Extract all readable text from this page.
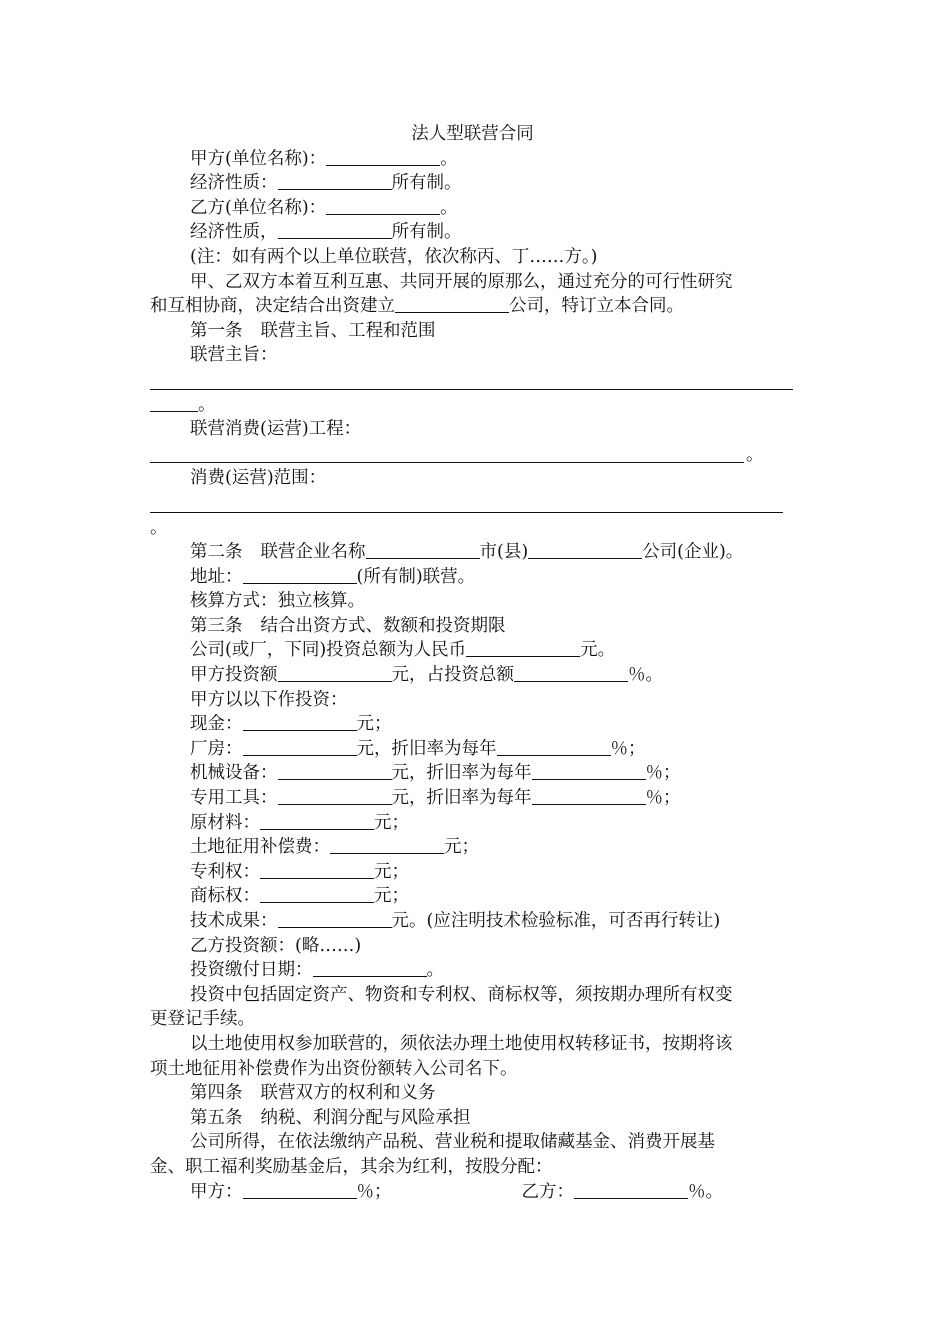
法人型联营合同
甲方(单位名称)：	。
经济性质：	所有制。
乙方(单位名称)：	。
经济性质，	所有制。
(注：如有两个以上单位联营，依次称丙、丁……方。)
甲、乙双方本着互利互惠、共同开展的原那么，通过充分的可行性研究
和互相协商，决定结合出资建立	公司，特订立本合同。
第一条 联营主旨、工程和范围
联营主旨：
。
联营消费(运营)工程：
。
消费(运营)范围：
。
第二条 联营企业名称	市(县)	公司(企业)。
地址：	(所有制)联营。
核算方式：独立核算。
第三条 结合出资方式、数额和投资期限
公司(或厂，下同)投资总额为人民币	元。
甲方投资额	元，占投资总额	％。
甲方以以下作投资：
现金：	元；
厂房：	元，折旧率为每年	％；
机械设备：	元，折旧率为每年	％；
专用工具：	元，折旧率为每年	％；
原材料：	元；
土地征用补偿费：	元；
专利权：	元；
商标权：	元；
技术成果：	元。(应注明技术检验标准，可否再行转让)
乙方投资额：(略……)
投资缴付日期：	。
投资中包括固定资产、物资和专利权、商标权等，须按期办理所有权变
更登记手续。
以土地使用权参加联营的，须依法办理土地使用权转移证书，按期将该
项土地征用补偿费作为出资份额转入公司名下。
第四条 联营双方的权利和义务
第五条 纳税、利润分配与风险承担
公司所得，在依法缴纳产品税、营业税和提取储藏基金、消费开展基
金、职工福利奖励基金后，其余为红利，按股分配：
甲方：	％；	乙方：	％。
